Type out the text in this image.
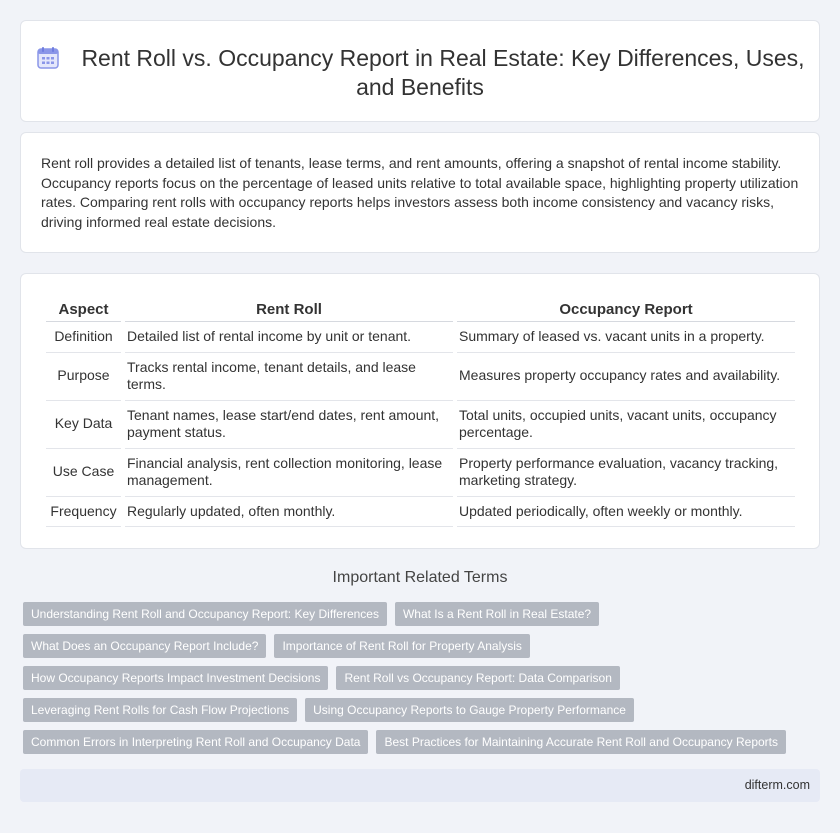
Rent Roll vs. Occupancy Report in Real Estate: Key Differences, Uses, and Benefits

Rent roll provides a detailed list of tenants, lease terms, and rent amounts, offering a snapshot of rental income stability. Occupancy reports focus on the percentage of leased units relative to total available space, highlighting property utilization rates. Comparing rent rolls with occupancy reports helps investors assess both income consistency and vacancy risks, driving informed real estate decisions.

Aspect	Rent Roll	Occupancy Report
Definition	Detailed list of rental income by unit or tenant.	Summary of leased vs. vacant units in a property.
Purpose	Tracks rental income, tenant details, and lease terms.	Measures property occupancy rates and availability.
Key Data	Tenant names, lease start/end dates, rent amount, payment status.	Total units, occupied units, vacant units, occupancy percentage.
Use Case	Financial analysis, rent collection monitoring, lease management.	Property performance evaluation, vacancy tracking, marketing strategy.
Frequency	Regularly updated, often monthly.	Updated periodically, often weekly or monthly.
Important Related Terms
Understanding Rent Roll and Occupancy Report: Key Differences	What Is a Rent Roll in Real Estate?
What Does an Occupancy Report Include?	Importance of Rent Roll for Property Analysis
How Occupancy Reports Impact Investment Decisions	Rent Roll vs Occupancy Report: Data Comparison
Leveraging Rent Rolls for Cash Flow Projections	Using Occupancy Reports to Gauge Property Performance
Common Errors in Interpreting Rent Roll and Occupancy Data	Best Practices for Maintaining Accurate Rent Roll and Occupancy Reports
difterm.com
